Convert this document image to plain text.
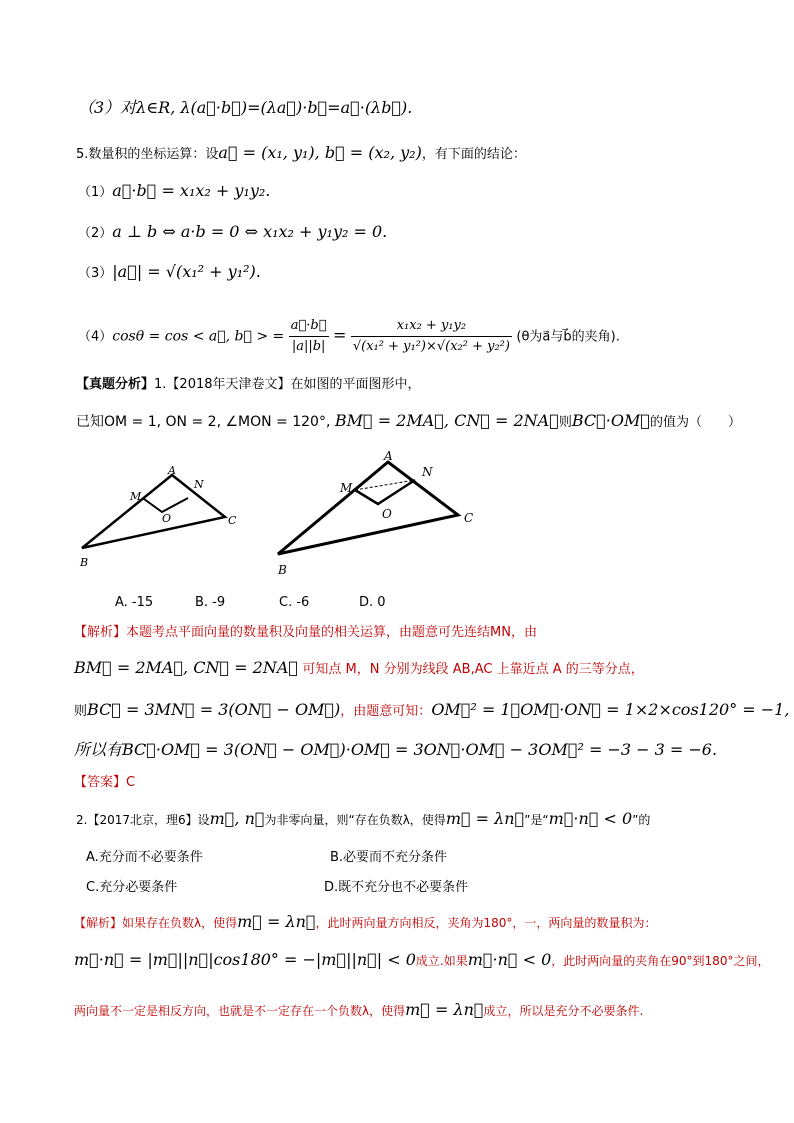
（3）对λ∈R, λ(a⃗·b⃗)=(λa⃗)·b⃗=a⃗·(λb⃗).
5.数量积的坐标运算：设a⃗ = (x₁, y₁), b⃗ = (x₂, y₂)，有下面的结论：
（1）a⃗·b⃗ = x₁x₂ + y₁y₂.
（2）a ⊥ b ⇔ a·b = 0 ⇔ x₁x₂ + y₁y₂ = 0.
（3）|a⃗| = √(x₁² + y₁²).
（4）cosθ = cos < a⃗, b⃗ > = $\frac{a⃗\cdot b⃗}{|a||b|} = \frac{\text{x₁x₂ + y₁y₂}}{\text{√(x₁² + y₁²)×√(x₂² + y₂²)}} (\theta$为a⃗与b⃗的夹角).
【真题分析】1.【2018年天津卷文】在如图的平面图形中，
已知OM = 1, ON = 2, ∠MON = 120°, BM⃗ = 2MA⃗, CN⃗ = 2NA⃗则BC⃗·OM⃗的值为（　　）
A
N
M
O	C
B
A
N
M
O	C
B
A. -15	B. -9	C. -6	D. 0
【解析】本题考点平面向量的数量积及向量的相关运算，由题意可先连结MN，由
BM⃗ = 2MA⃗, CN⃗ = 2NA⃗ 可知点 M，N 分别为线段 AB,AC 上靠近点 A 的三等分点，
则BC⃗ = 3MN⃗ = 3(ON⃗ − OM⃗)，由题意可知：OM⃗² = 1，OM⃗·ON⃗ = 1×2×cos120° = −1,
所以有BC⃗·OM⃗ = 3(ON⃗ − OM⃗)·OM⃗ = 3ON⃗·OM⃗ − 3OM⃗² = −3 − 3 = −6.
【答案】C
2.【2017北京，理6】设m⃗, n⃗为非零向量，则“存在负数λ，使得m⃗ = λn⃗”是“m⃗·n⃗ < 0”的
A.充分而不必要条件	B.必要而不充分条件
C.充分必要条件	D.既不充分也不必要条件
【解析】如果存在负数λ，使得m⃗ = λn⃗，此时两向量方向相反，夹角为180°，一，两向量的数量积为：
m⃗·n⃗ = |m⃗||n⃗|cos180° = −|m⃗||n⃗| < 0成立.如果m⃗·n⃗ < 0，此时两向量的夹角在90°到180°之间，
两向量不一定是相反方向，也就是不一定存在一个负数λ，使得m⃗ = λn⃗成立，所以是充分不必要条件.
